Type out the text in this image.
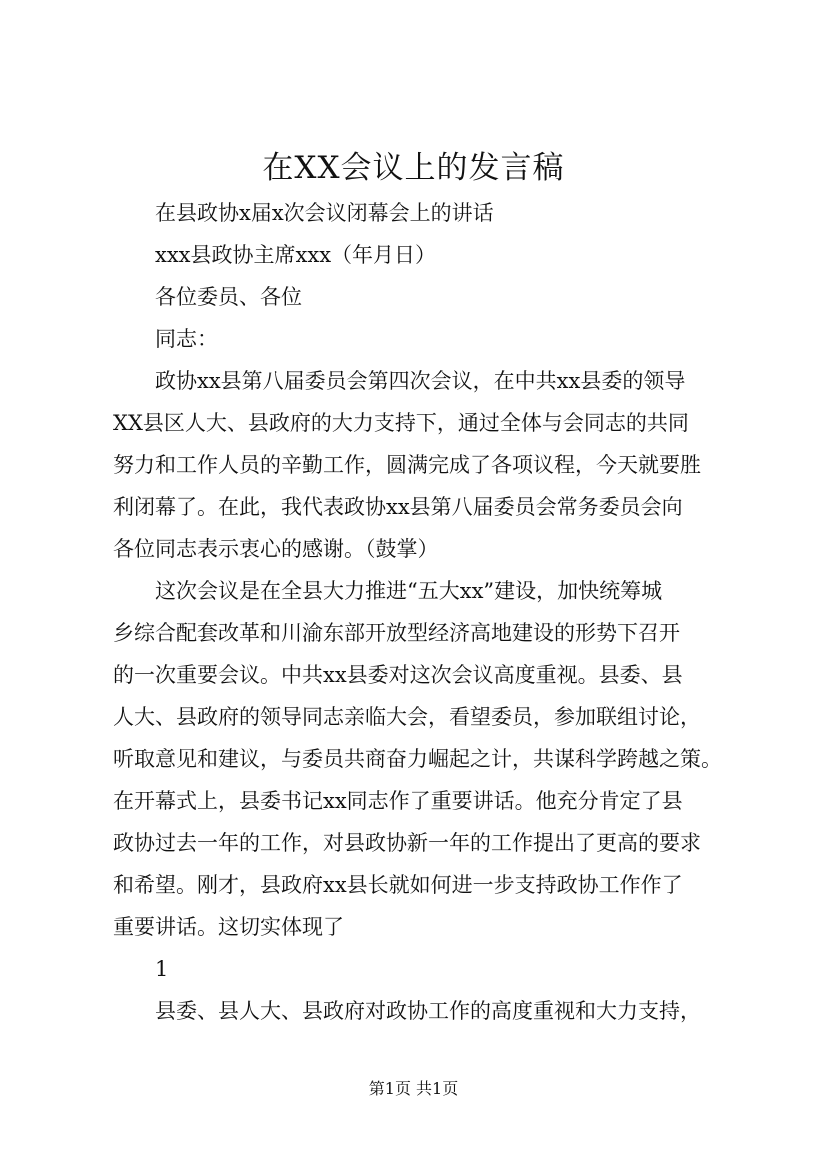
在XX会议上的发言稿
在县政协x届x次会议闭幕会上的讲话
xxx县政协主席xxx（年月日）
各位委员、各位
同志：
政协xx县第八届委员会第四次会议，在中共xx县委的领导
XX县区人大、县政府的大力支持下，通过全体与会同志的共同
努力和工作人员的辛勤工作，圆满完成了各项议程，今天就要胜
利闭幕了。在此，我代表政协xx县第八届委员会常务委员会向
各位同志表示衷心的感谢。（鼓掌）
这次会议是在全县大力推进“五大xx”建设，加快统筹城
乡综合配套改革和川渝东部开放型经济高地建设的形势下召开
的一次重要会议。中共xx县委对这次会议高度重视。县委、县
人大、县政府的领导同志亲临大会，看望委员，参加联组讨论，
听取意见和建议，与委员共商奋力崛起之计，共谋科学跨越之策。
在开幕式上，县委书记xx同志作了重要讲话。他充分肯定了县
政协过去一年的工作，对县政协新一年的工作提出了更高的要求
和希望。刚才，县政府xx县长就如何进一步支持政协工作作了
重要讲话。这切实体现了
1
县委、县人大、县政府对政协工作的高度重视和大力支持，
第1页 共1页
